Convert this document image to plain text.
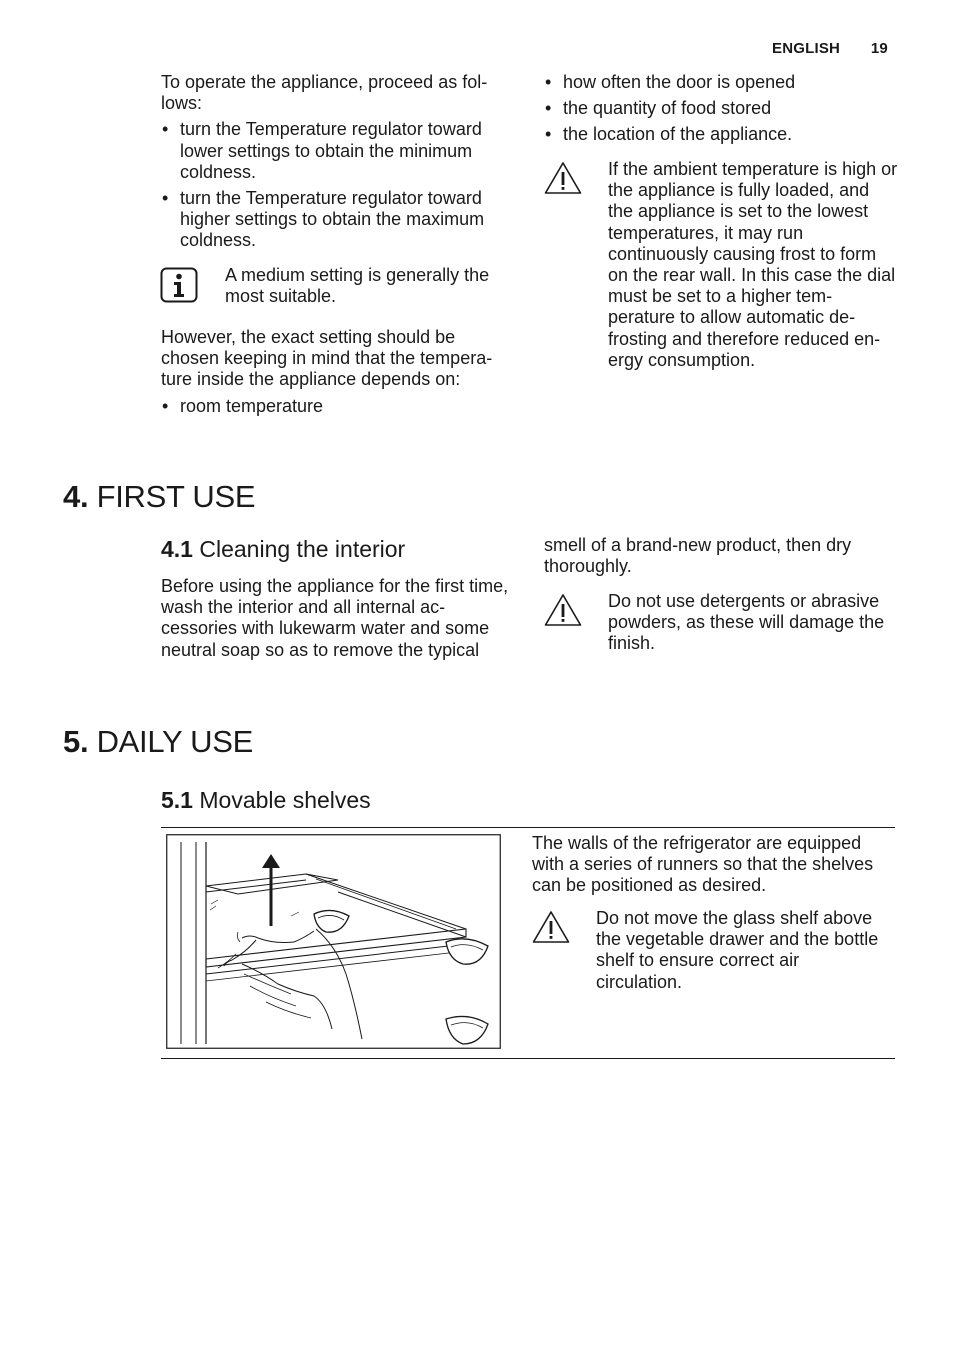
ENGLISH 19

To operate the appliance, proceed as fol-lows:

• turn the Temperature regulator toward lower settings to obtain the minimum coldness.
• turn the Temperature regulator toward higher settings to obtain the maximum coldness.

A medium setting is generally the most suitable.

However, the exact setting should be chosen keeping in mind that the tempera-ture inside the appliance depends on:

• room temperature
• how often the door is opened
• the quantity of food stored
• the location of the appliance.

If the ambient temperature is high or the appliance is fully loaded, and the appliance is set to the lowest temperatures, it may run continuously causing frost to form on the rear wall. In this case the dial must be set to a higher tem-perature to allow automatic de-frosting and therefore reduced en-ergy consumption.

4. FIRST USE
4.1 Cleaning the interior

Before using the appliance for the first time, wash the interior and all internal ac-cessories with lukewarm water and some neutral soap so as to remove the typical

smell of a brand-new product, then dry thoroughly.

Do not use detergents or abrasive powders, as these will damage the finish.

5. DAILY USE
5.1 Movable shelves

The walls of the refrigerator are equipped with a series of runners so that the shelves can be positioned as desired.

Do not move the glass shelf above the vegetable drawer and the bottle shelf to ensure correct air circulation.
